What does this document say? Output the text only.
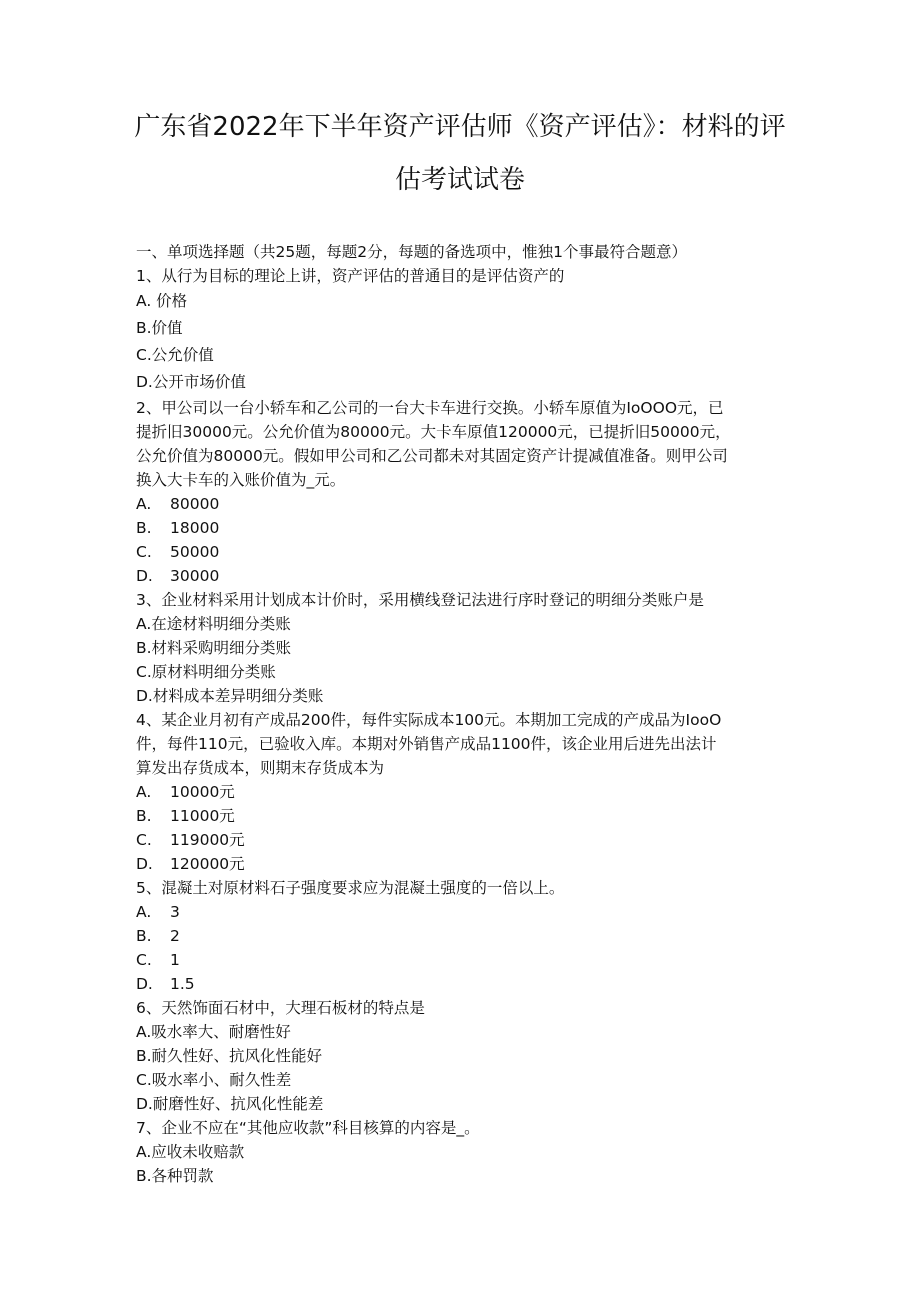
广东省2022年下半年资产评估师《资产评估》：材料的评
估考试试卷
一、单项选择题（共25题，每题2分，每题的备选项中，惟独1个事最符合题意）
1、从行为目标的理论上讲，资产评估的普通目的是评估资产的
A. 价格
B.价值
C.公允价值
D.公开市场价值
2、甲公司以一台小轿车和乙公司的一台大卡车进行交换。小轿车原值为IoOOO元，已
提折旧30000元。公允价值为80000元。大卡车原值120000元，已提折旧50000元，
公允价值为80000元。假如甲公司和乙公司都未对其固定资产计提减值准备。则甲公司
换入大卡车的入账价值为_元。
A. 80000
B. 18000
C. 50000
D. 30000
3、企业材料采用计划成本计价时，采用横线登记法进行序时登记的明细分类账户是
A.在途材料明细分类账
B.材料采购明细分类账
C.原材料明细分类账
D.材料成本差异明细分类账
4、某企业月初有产成品200件，每件实际成本100元。本期加工完成的产成品为IooO
件，每件110元，已验收入库。本期对外销售产成品1100件，该企业用后进先出法计
算发出存货成本，则期末存货成本为
A. 10000元
B. 11000元
C. 119000元
D. 120000元
5、混凝土对原材料石子强度要求应为混凝土强度的一倍以上。
A. 3
B. 2
C. 1
D. 1.5
6、天然饰面石材中，大理石板材的特点是
A.吸水率大、耐磨性好
B.耐久性好、抗风化性能好
C.吸水率小、耐久性差
D.耐磨性好、抗风化性能差
7、企业不应在“其他应收款”科目核算的内容是_。
A.应收未收赔款
B.各种罚款
